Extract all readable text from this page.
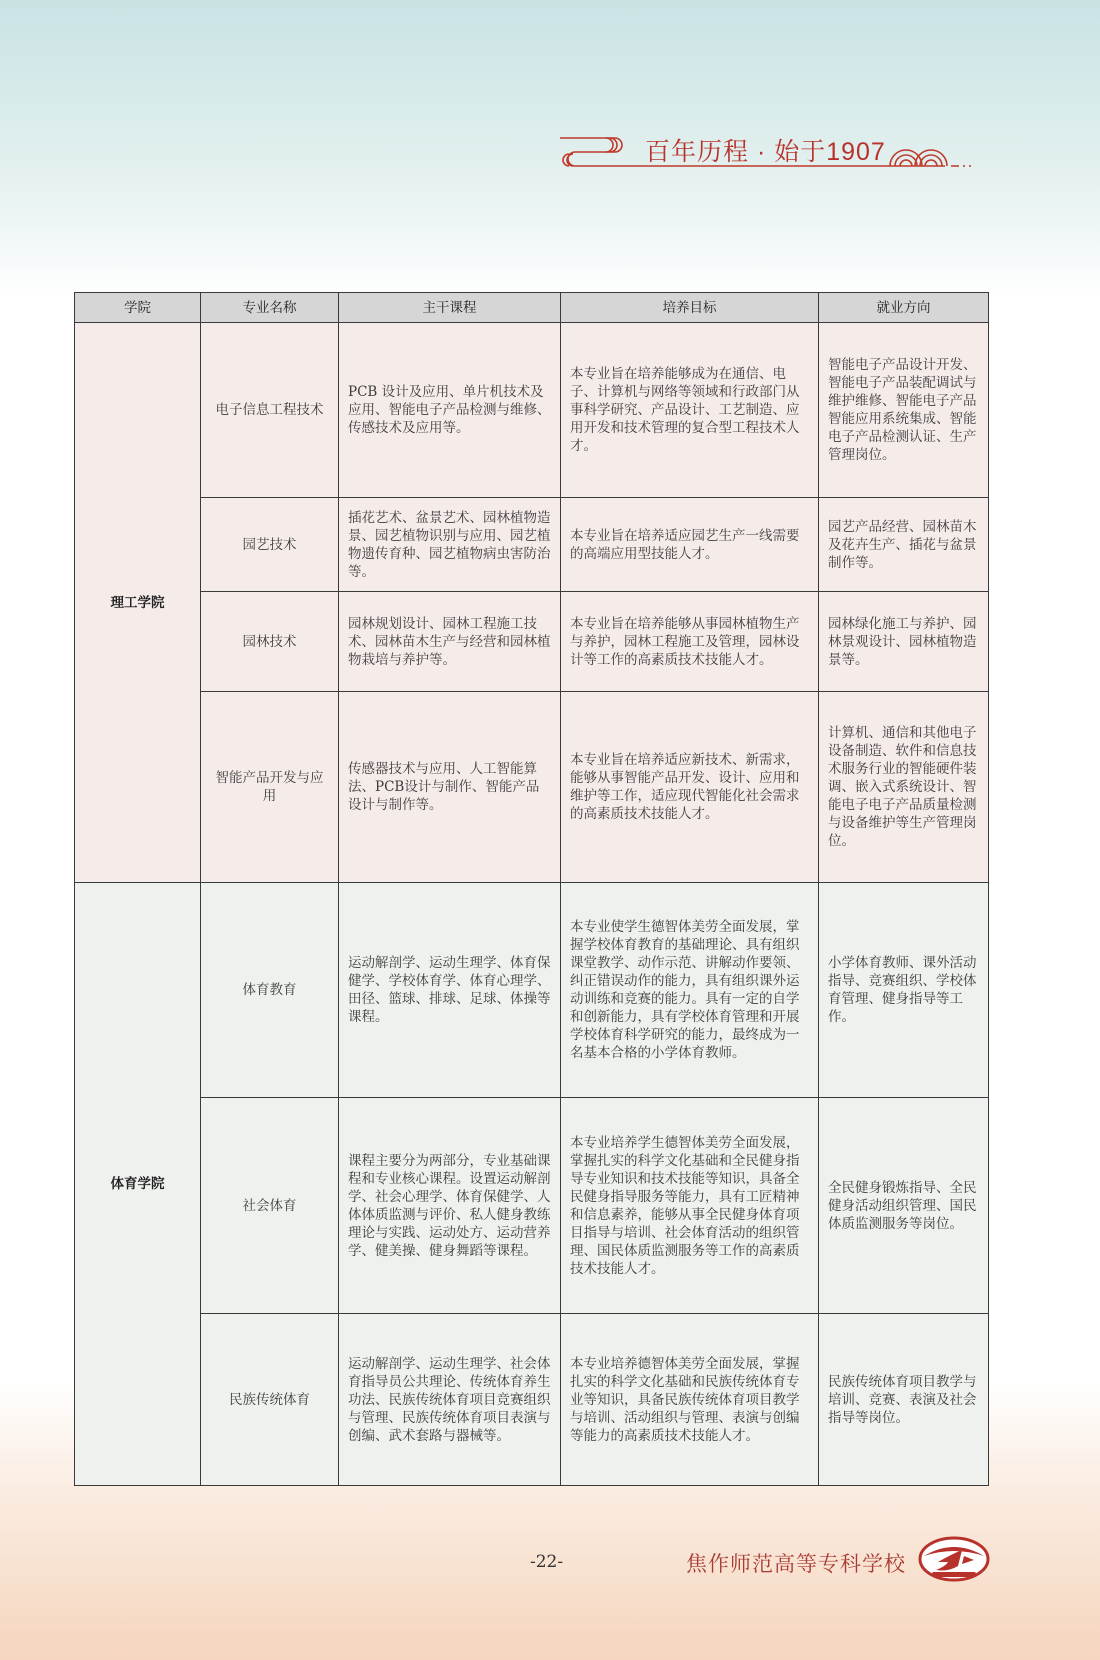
百年历程 · 始于1907
学院	专业名称	主干课程	培养目标	就业方向
理工学院	电子信息工程技术	PCB 设计及应用、单片机技术及应用、智能电子产品检测与维修、传感技术及应用等。	本专业旨在培养能够成为在通信、电子、计算机与网络等领域和行政部门从事科学研究、产品设计、工艺制造、应用开发和技术管理的复合型工程技术人才。	智能电子产品设计开发、智能电子产品装配调试与维护维修、智能电子产品智能应用系统集成、智能电子产品检测认证、生产管理岗位。
	园艺技术	插花艺术、盆景艺术、园林植物造景、园艺植物识别与应用、园艺植物遗传育种、园艺植物病虫害防治等。	本专业旨在培养适应园艺生产一线需要的高端应用型技能人才。	园艺产品经营、园林苗木及花卉生产、插花与盆景制作等。
	园林技术	园林规划设计、园林工程施工技术、园林苗木生产与经营和园林植物栽培与养护等。	本专业旨在培养能够从事园林植物生产与养护，园林工程施工及管理，园林设计等工作的高素质技术技能人才。	园林绿化施工与养护、园林景观设计、园林植物造景等。
	智能产品开发与应用	传感器技术与应用、人工智能算法、PCB设计与制作、智能产品设计与制作等。	本专业旨在培养适应新技术、新需求，能够从事智能产品开发、设计、应用和维护等工作，适应现代智能化社会需求的高素质技术技能人才。	计算机、通信和其他电子设备制造、软件和信息技术服务行业的智能硬件装调、嵌入式系统设计、智能电子电子产品质量检测与设备维护等生产管理岗位。
体育学院	体育教育	运动解剖学、运动生理学、体育保健学、学校体育学、体育心理学、田径、篮球、排球、足球、体操等课程。	本专业使学生德智体美劳全面发展，掌握学校体育教育的基础理论、具有组织课堂教学、动作示范、讲解动作要领、纠正错误动作的能力，具有组织课外运动训练和竞赛的能力。具有一定的自学和创新能力，具有学校体育管理和开展学校体育科学研究的能力，最终成为一名基本合格的小学体育教师。	小学体育教师、课外活动指导、竞赛组织、学校体育管理、健身指导等工作。
	社会体育	课程主要分为两部分，专业基础课程和专业核心课程。设置运动解剖学、社会心理学、体育保健学、人体体质监测与评价、私人健身教练理论与实践、运动处方、运动营养学、健美操、健身舞蹈等课程。	本专业培养学生德智体美劳全面发展，掌握扎实的科学文化基础和全民健身指导专业知识和技术技能等知识，具备全民健身指导服务等能力，具有工匠精神和信息素养，能够从事全民健身体育项目指导与培训、社会体育活动的组织管理、国民体质监测服务等工作的高素质技术技能人才。	全民健身锻炼指导、全民健身活动组织管理、国民体质监测服务等岗位。
	民族传统体育	运动解剖学、运动生理学、社会体育指导员公共理论、传统体育养生功法、民族传统体育项目竞赛组织与管理、民族传统体育项目表演与创编、武术套路与器械等。	本专业培养德智体美劳全面发展，掌握扎实的科学文化基础和民族传统体育专业等知识，具备民族传统体育项目教学与培训、活动组织与管理、表演与创编等能力的高素质技术技能人才。	民族传统体育项目教学与培训、竞赛、表演及社会指导等岗位。
-22-	焦作师范高等专科学校
